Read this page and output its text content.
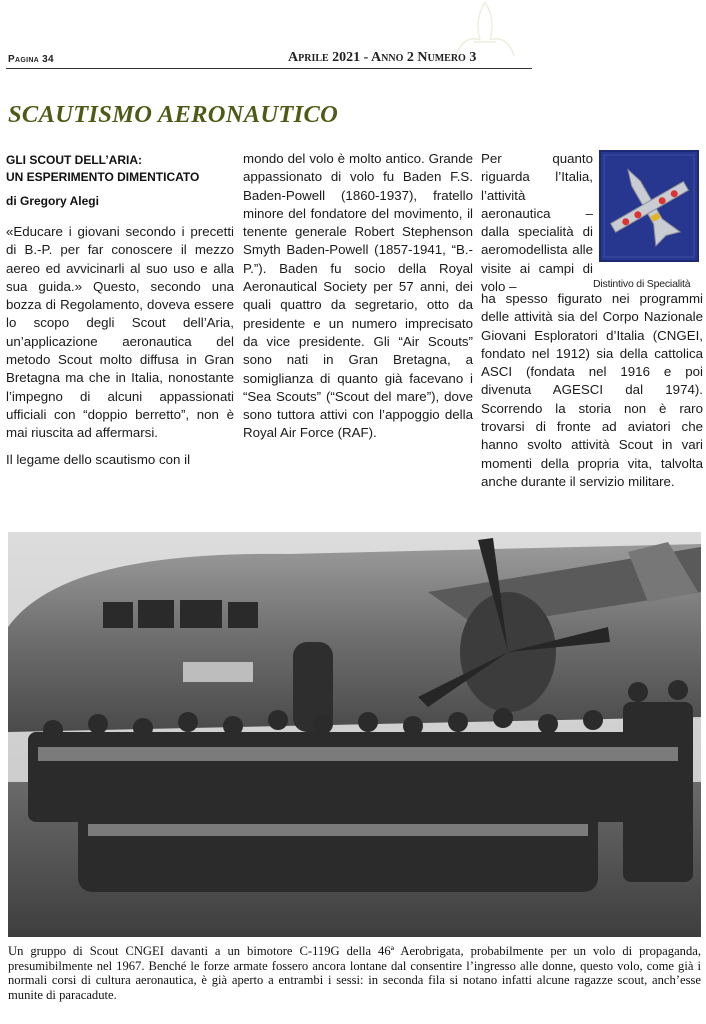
Pagina 34	Aprile 2021 - Anno 2 Numero 3
SCAUTISMO AERONAUTICO

GLI SCOUT DELL’ARIA:
UN ESPERIMENTO DIMENTICATO

di Gregory Alegi

«Educare i giovani secondo i precetti di B.-P. per far conoscere il mezzo aereo ed avvicinarli al suo uso e alla sua guida.» Questo, secondo una bozza di Regolamento, doveva essere lo scopo degli Scout dell’Aria, un’applicazione aeronautica del metodo Scout molto diffusa in Gran Bretagna ma che in Italia, nonostante l’impegno di alcuni appassionati ufficiali con “doppio berretto”, non è mai riuscita ad affermarsi.

Il legame dello scautismo con il

mondo del volo è molto antico. Grande appassionato di volo fu Baden F.S. Baden-Powell (1860-1937), fratello minore del fondatore del movimento, il tenente generale Robert Stephenson Smyth Baden-Powell (1857-1941, “B.-P.”). Baden fu socio della Royal Aeronautical Society per 57 anni, dei quali quattro da segretario, otto da presidente e un numero imprecisato da vice presidente. Gli “Air Scouts” sono nati in Gran Bretagna, a somiglianza di quanto già facevano i “Sea Scouts” (“Scout del mare”), dove sono tuttora attivi con l’appoggio della Royal Air Force (RAF).

Per quanto riguarda l’Italia, l’attività aeronautica – dalla specialità di aeromodellista alle visite ai campi di volo –

ha spesso figurato nei programmi delle attività sia del Corpo Nazionale Giovani Esploratori d’Italia (CNGEI, fondato nel 1912) sia della cattolica ASCI (fondata nel 1916 e poi divenuta AGESCI dal 1974). Scorrendo la storia non è raro trovarsi di fronte ad aviatori che hanno svolto attività Scout in vari momenti della propria vita, talvolta anche durante il servizio militare.

Distintivo di Specialità

Un gruppo di Scout CNGEI davanti a un bimotore C-119G della 46ª Aerobrigata, probabilmente per un volo di propaganda, presumibilmente nel 1967. Benché le forze armate fossero ancora lontane dal consentire l’ingresso alle donne, questo volo, come già i normali corsi di cultura aeronautica, è già aperto a entrambi i sessi: in seconda fila si notano infatti alcune ragazze scout, anch’esse munite di paracadute.
